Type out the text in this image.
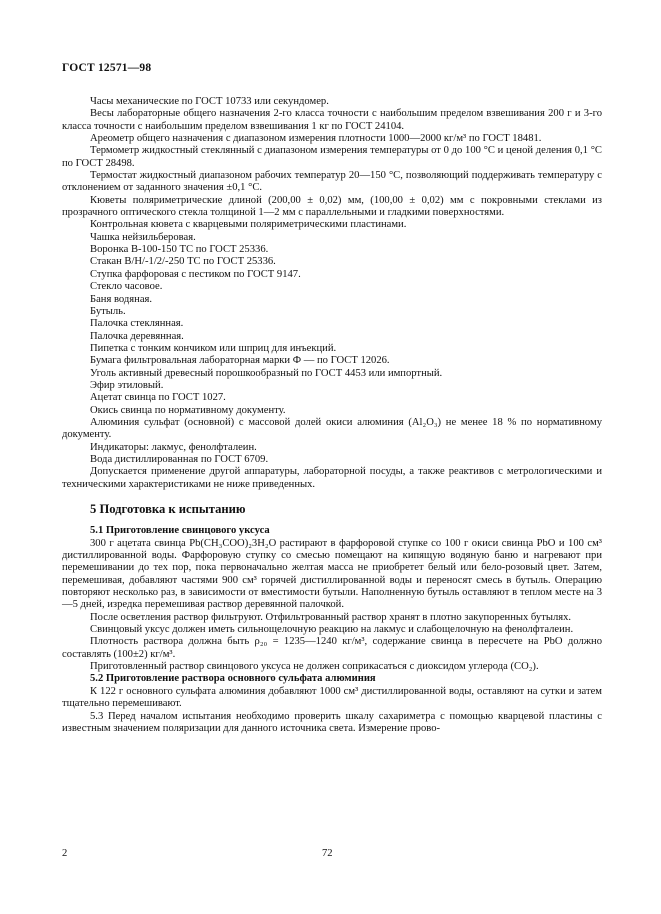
ГОСТ 12571—98

Часы механические по ГОСТ 10733 или секундомер.

Весы лабораторные общего назначения 2-го класса точности с наибольшим пределом взвешивания 200 г и 3-го класса точности с наибольшим пределом взвешивания 1 кг по ГОСТ 24104.

Ареометр общего назначения с диапазоном измерения плотности 1000—2000 кг/м³ по ГОСТ 18481.

Термометр жидкостный стеклянный с диапазоном измерения температуры от 0 до 100 °С и ценой деления 0,1 °С по ГОСТ 28498.

Термостат жидкостный диапазоном рабочих температур 20—150 °С, позволяющий поддерживать температуру с отклонением от заданного значения ±0,1 °С.

Кюветы поляриметрические длиной (200,00 ± 0,02) мм, (100,00 ± 0,02) мм с покровными стеклами из прозрачного оптического стекла толщиной 1—2 мм с параллельными и гладкими поверхностями.

Контрольная кювета с кварцевыми поляриметрическими пластинами.

Чашка нейзильберовая.

Воронка В-100-150 ТС по ГОСТ 25336.

Стакан В/Н/-1/2/-250 ТС по ГОСТ 25336.

Ступка фарфоровая с пестиком по ГОСТ 9147.

Стекло часовое.

Баня водяная.

Бутыль.

Палочка стеклянная.

Палочка деревянная.

Пипетка с тонким кончиком или шприц для инъекций.

Бумага фильтровальная лабораторная марки Ф — по ГОСТ 12026.

Уголь активный древесный порошкообразный по ГОСТ 4453 или импортный.

Эфир этиловый.

Ацетат свинца по ГОСТ 1027.

Окись свинца по нормативному документу.

Алюминия сульфат (основной) с массовой долей окиси алюминия (Al₂O₃) не менее 18 % по нормативному документу.

Индикаторы: лакмус, фенолфталеин.

Вода дистиллированная по ГОСТ 6709.

Допускается применение другой аппаратуры, лабораторной посуды, а также реактивов с метрологическими и техническими характеристиками не ниже приведенных.

5 Подготовка к испытанию
5.1 Приготовление свинцового уксуса

300 г ацетата свинца Pb(CH₃COO)₂3H₂O растирают в фарфоровой ступке со 100 г окиси свинца PbO и 100 см³ дистиллированной воды. Фарфоровую ступку со смесью помещают на кипящую водяную баню и нагревают при перемешивании до тех пор, пока первоначально желтая масса не приобретет белый или бело-розовый цвет. Затем, перемешивая, добавляют частями 900 см³ горячей дистиллированной воды и переносят смесь в бутыль. Операцию повторяют несколько раз, в зависимости от вместимости бутыли. Наполненную бутыль оставляют в теплом месте на 3—5 дней, изредка перемешивая раствор деревянной палочкой.

После осветления раствор фильтруют. Отфильтрованный раствор хранят в плотно закупоренных бутылях.

Свинцовый уксус должен иметь сильнощелочную реакцию на лакмус и слабощелочную на фенолфталеин.

Плотность раствора должна быть ρ₂₀ = 1235—1240 кг/м³, содержание свинца в пересчете на PbO должно составлять (100±2) кг/м³.

Приготовленный раствор свинцового уксуса не должен соприкасаться с диоксидом углерода (CO₂).

5.2 Приготовление раствора основного сульфата алюминия

К 122 г основного сульфата алюминия добавляют 1000 см³ дистиллированной воды, оставляют на сутки и затем тщательно перемешивают.

5.3 Перед началом испытания необходимо проверить шкалу сахариметра с помощью кварцевой пластины с известным значением поляризации для данного источника света. Измерение прово-

2	72
